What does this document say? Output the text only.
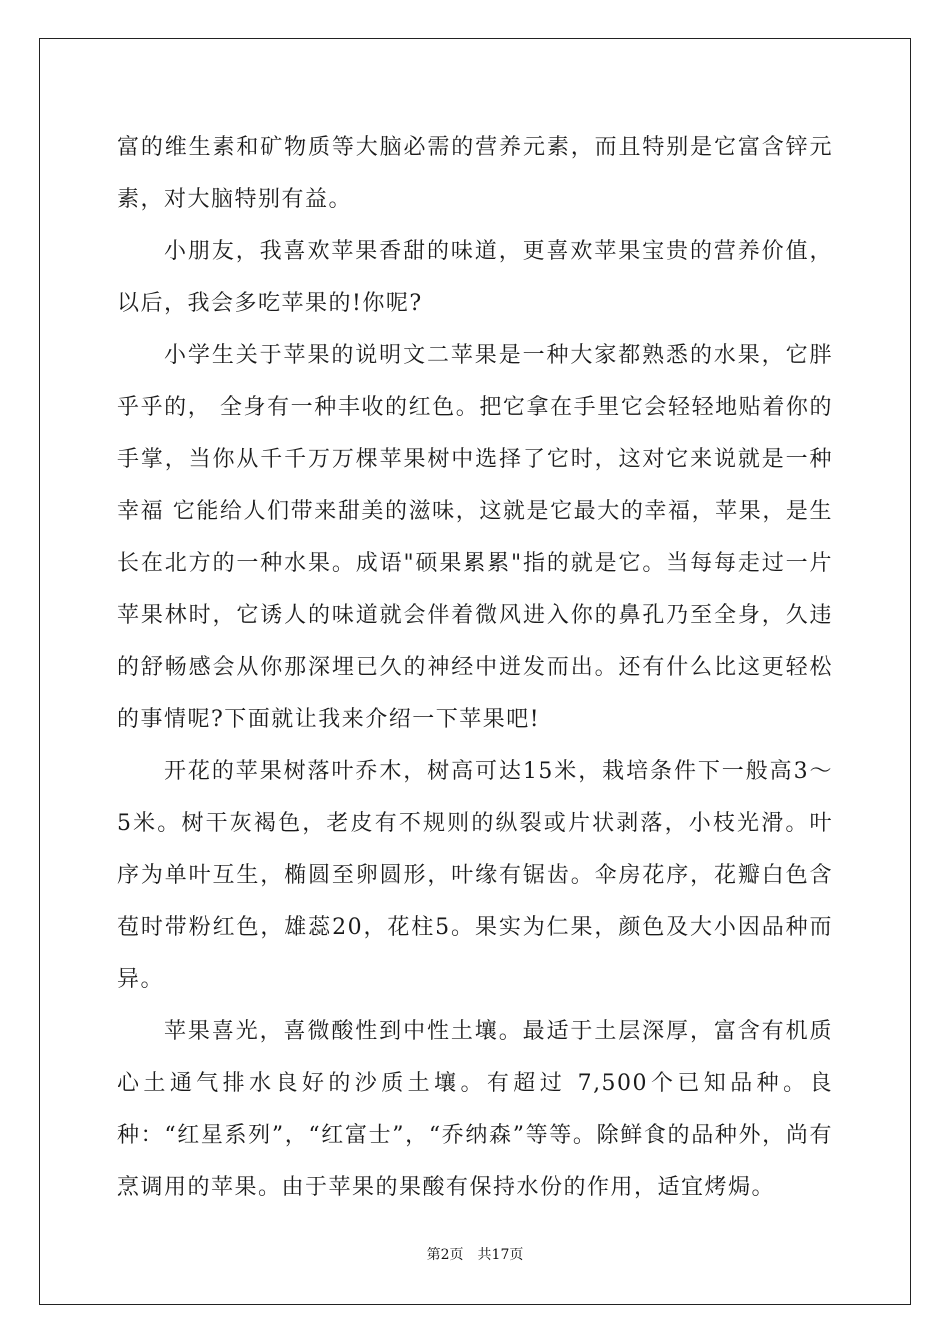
富的维生素和矿物质等大脑必需的营养元素，而且特别是它富含锌元素，对大脑特别有益。

小朋友，我喜欢苹果香甜的味道，更喜欢苹果宝贵的营养价值，以后，我会多吃苹果的!你呢?

小学生关于苹果的说明文二苹果是一种大家都熟悉的水果，它胖乎乎的， 全身有一种丰收的红色。把它拿在手里它会轻轻地贴着你的手掌，当你从千千万万棵苹果树中选择了它时，这对它来说就是一种幸福 它能给人们带来甜美的滋味，这就是它最大的幸福，苹果，是生长在北方的一种水果。成语"硕果累累"指的就是它。当每每走过一片苹果林时，它诱人的味道就会伴着微风进入你的鼻孔乃至全身，久违的舒畅感会从你那深埋已久的神经中迸发而出。还有什么比这更轻松的事情呢?下面就让我来介绍一下苹果吧!

开花的苹果树落叶乔木，树高可达15米，栽培条件下一般高3～5米。树干灰褐色，老皮有不规则的纵裂或片状剥落，小枝光滑。叶序为单叶互生，椭圆至卵圆形，叶缘有锯齿。伞房花序，花瓣白色含苞时带粉红色，雄蕊20，花柱5。果实为仁果，颜色及大小因品种而异。

苹果喜光，喜微酸性到中性土壤。最适于土层深厚，富含有机质心土通气排水良好的沙质土壤。有超过 7,500个已知品种。良种：“红星系列”，“红富士”，“乔纳森”等等。除鲜食的品种外，尚有烹调用的苹果。由于苹果的果酸有保持水份的作用，适宜烤焗。

第2页 共17页
